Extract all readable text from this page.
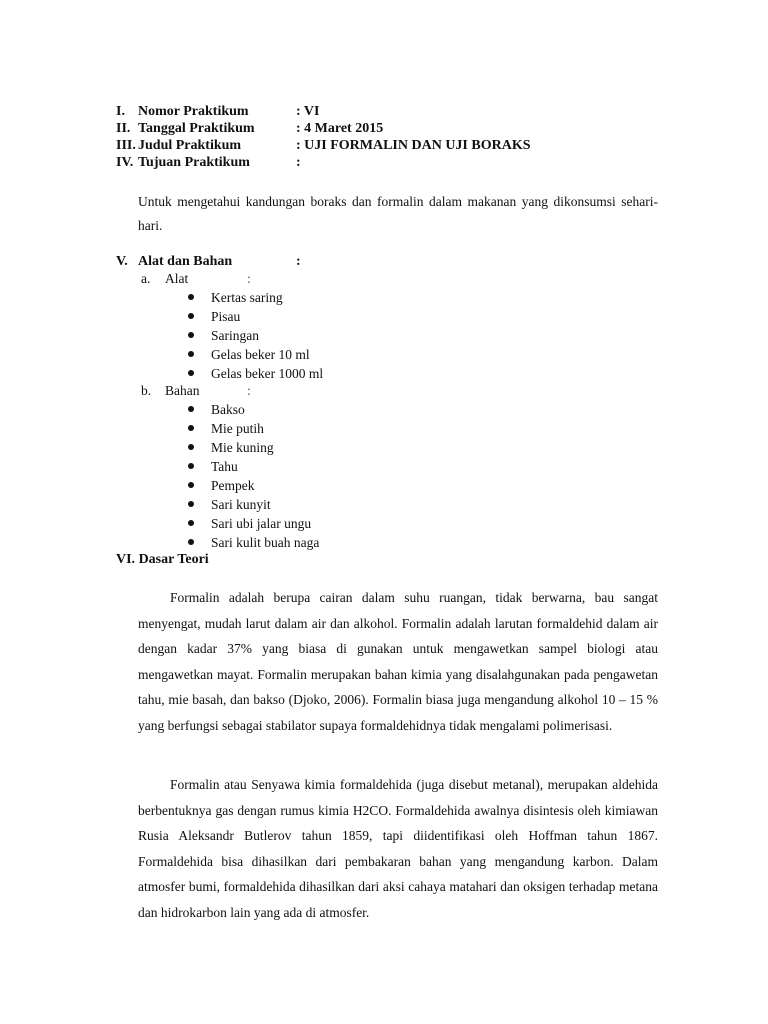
I. Nomor Praktikum	: VI
II. Tanggal Praktikum	: 4 Maret 2015
III. Judul Praktikum	: UJI FORMALIN DAN UJI BORAKS
IV. Tujuan Praktikum	:

Untuk mengetahui kandungan boraks dan formalin dalam makanan yang dikonsumsi sehari-hari.

V. Alat dan Bahan	:
a. Alat	:
Kertas saring
Pisau
Saringan
Gelas beker 10 ml
Gelas beker 1000 ml
b. Bahan	:
Bakso
Mie putih
Mie kuning
Tahu
Pempek
Sari kunyit
Sari ubi jalar ungu
Sari kulit buah naga
VI. Dasar Teori

Formalin adalah berupa cairan dalam suhu ruangan, tidak berwarna, bau sangat menyengat, mudah larut dalam air dan alkohol. Formalin adalah larutan formaldehid dalam air dengan kadar 37% yang biasa di gunakan untuk mengawetkan sampel biologi atau mengawetkan mayat. Formalin merupakan bahan kimia yang disalahgunakan pada pengawetan tahu, mie basah, dan bakso (Djoko, 2006). Formalin biasa juga mengandung alkohol 10 – 15 % yang berfungsi sebagai stabilator supaya formaldehidnya tidak mengalami polimerisasi.

Formalin atau Senyawa kimia formaldehida (juga disebut metanal), merupakan aldehida berbentuknya gas dengan rumus kimia H2CO. Formaldehida awalnya disintesis oleh kimiawan Rusia Aleksandr Butlerov tahun 1859, tapi diidentifikasi oleh Hoffman tahun 1867. Formaldehida bisa dihasilkan dari pembakaran bahan yang mengandung karbon. Dalam atmosfer bumi, formaldehida dihasilkan dari aksi cahaya matahari dan oksigen terhadap metana dan hidrokarbon lain yang ada di atmosfer.
